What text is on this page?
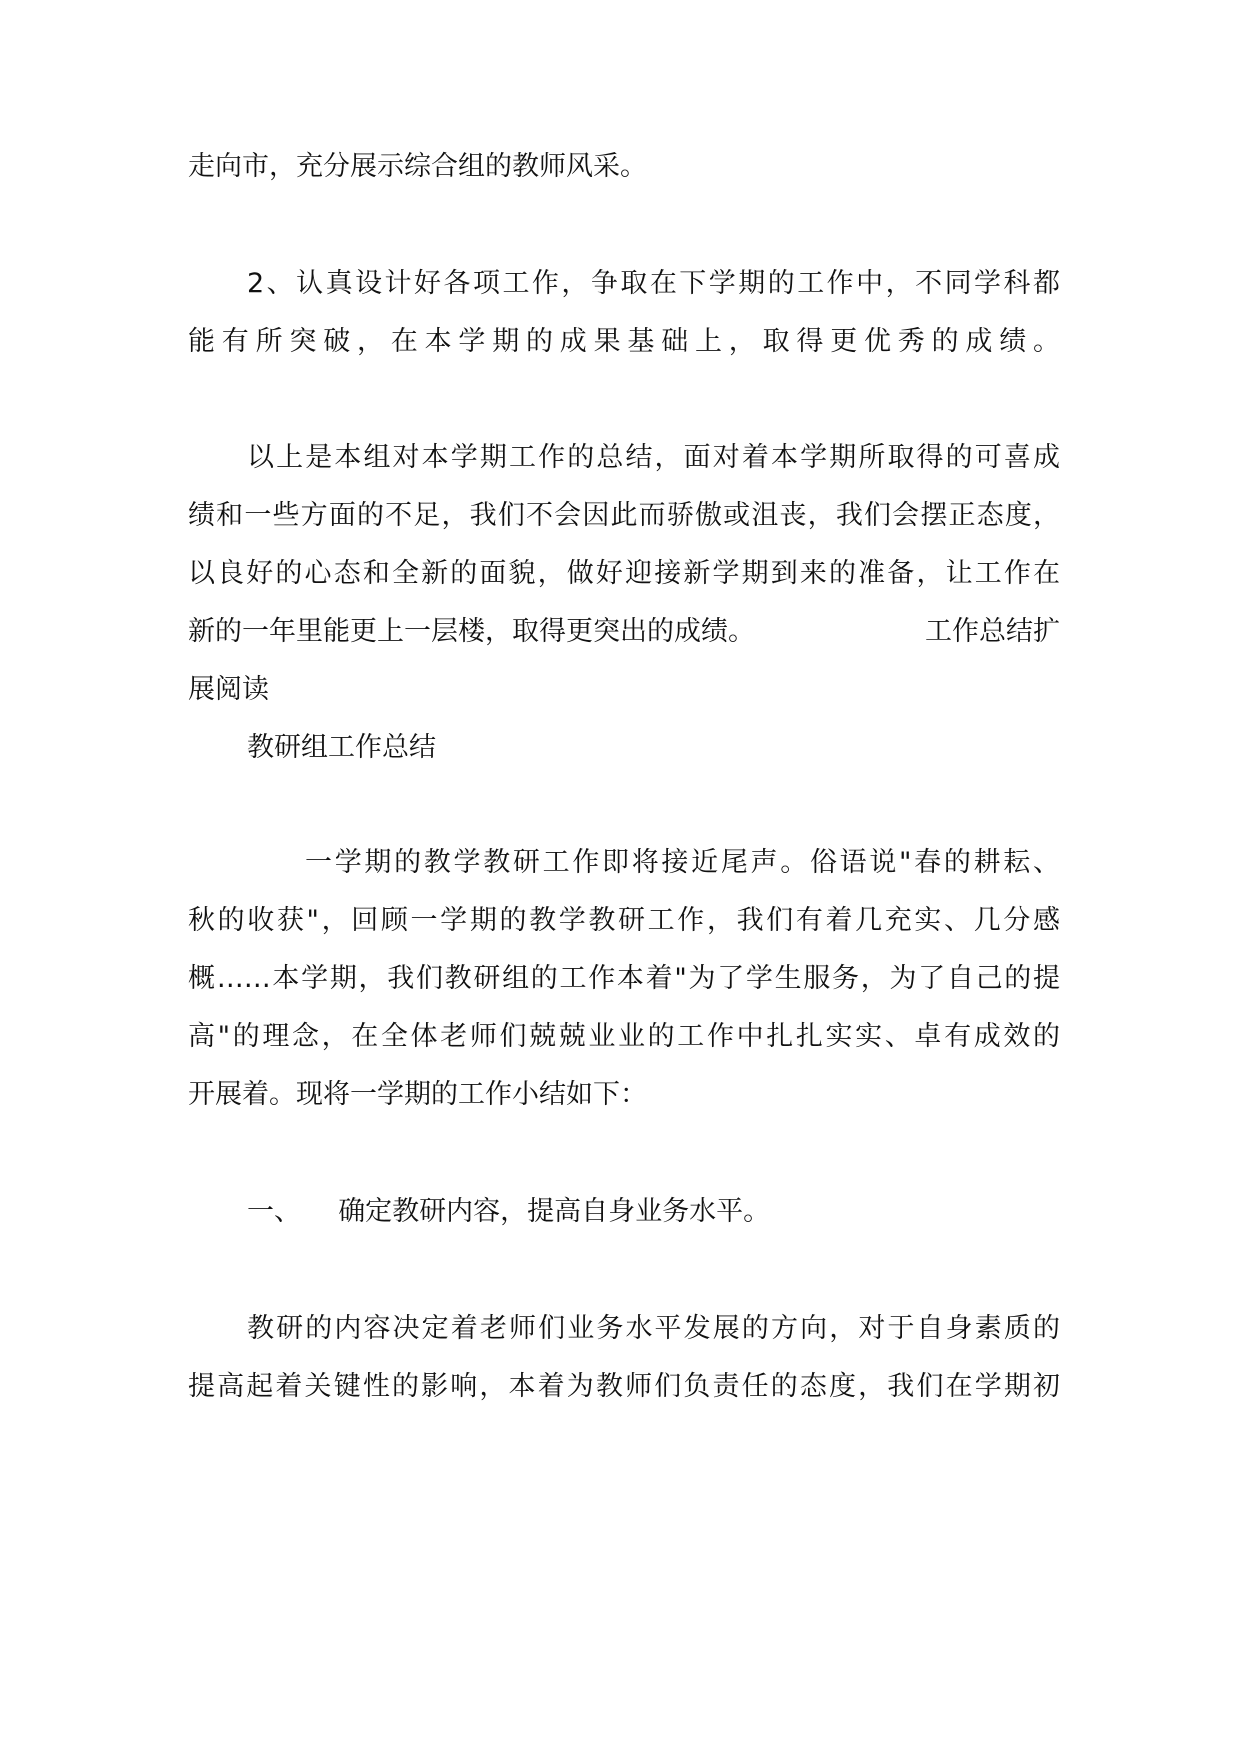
走向市，充分展示综合组的教师风采。
2、认真设计好各项工作，争取在下学期的工作中，不同学科都
能有所突破，在本学期的成果基础上，取得更优秀的成绩。
以上是本组对本学期工作的总结，面对着本学期所取得的可喜成
绩和一些方面的不足，我们不会因此而骄傲或沮丧，我们会摆正态度，
以良好的心态和全新的面貌，做好迎接新学期到来的准备，让工作在
新的一年里能更上一层楼，取得更突出的成绩。	工作总结扩
展阅读
教研组工作总结
一学期的教学教研工作即将接近尾声。俗语说"春的耕耘、
秋的收获"，回顾一学期的教学教研工作，我们有着几充实、几分感
概……本学期，我们教研组的工作本着"为了学生服务，为了自己的提
高"的理念，在全体老师们兢兢业业的工作中扎扎实实、卓有成效的
开展着。现将一学期的工作小结如下：
一、 确定教研内容，提高自身业务水平。
教研的内容决定着老师们业务水平发展的方向，对于自身素质的
提高起着关键性的影响，本着为教师们负责任的态度，我们在学期初
